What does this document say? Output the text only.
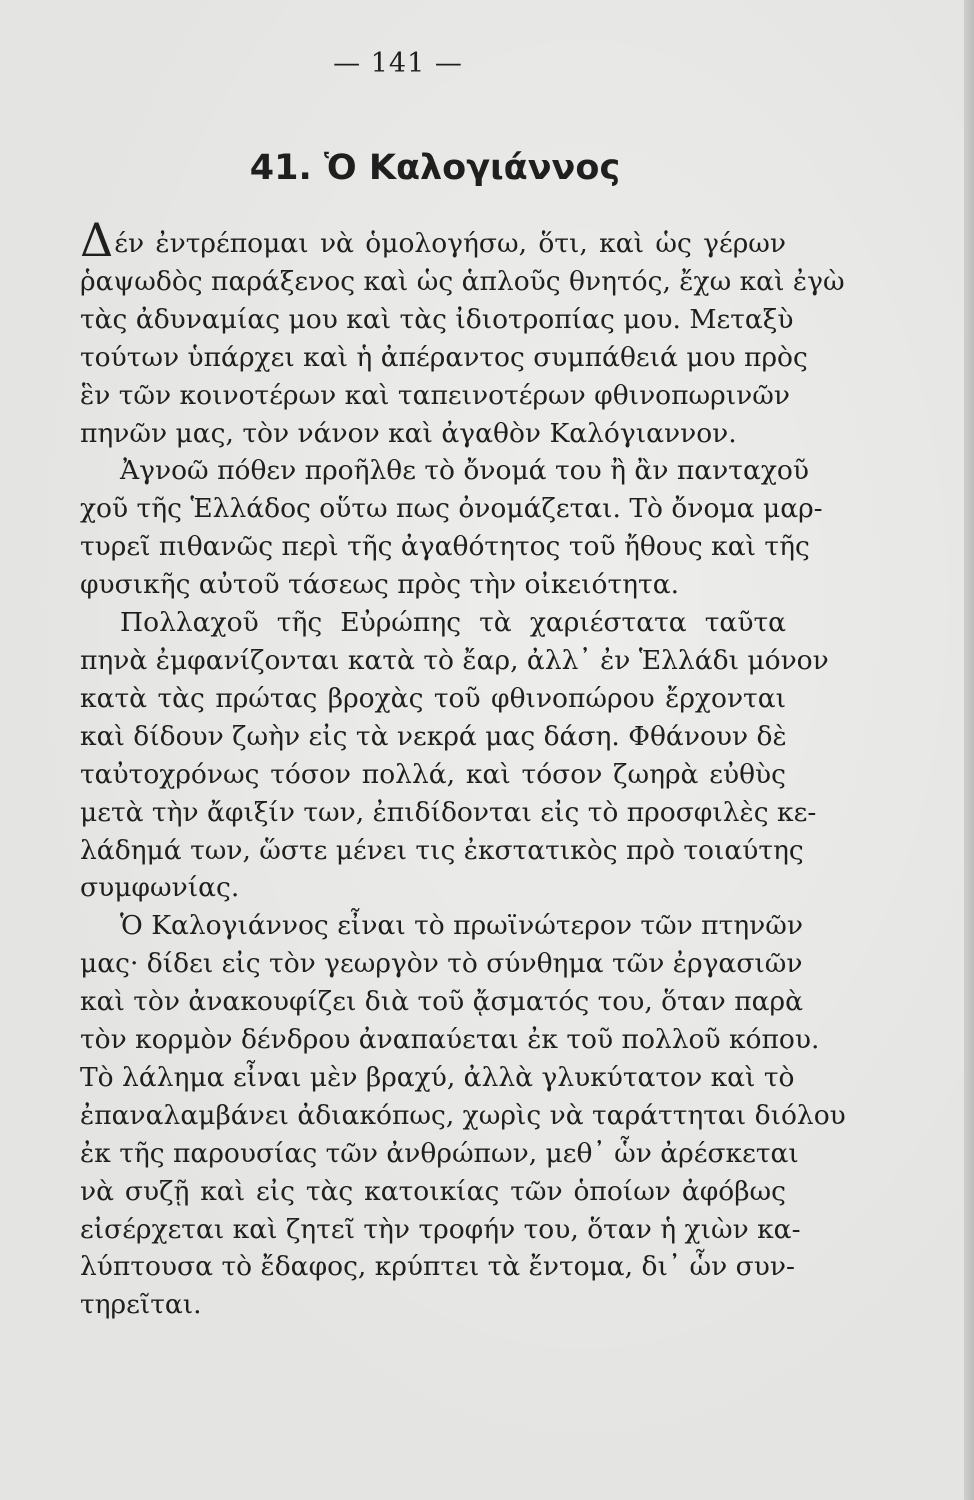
— 141 —
41. Ὁ Καλογιάννος

Δέν ἐντρέπομαι νὰ ὁμολογήσω, ὅτι, καὶ ὡς γέρων
ῥαψωδὸς παράξενος καὶ ὡς ἁπλοῦς θνητός, ἔχω καὶ ἐγὼ
τὰς ἀδυναμίας μου καὶ τὰς ἰδιοτροπίας μου. Μεταξὺ
τούτων ὑπάρχει καὶ ἡ ἀπέραντος συμπάθειά μου πρὸς
ἓν τῶν κοινοτέρων καὶ ταπεινοτέρων φθινοπωρινῶν
πηνῶν μας, τὸν νάνον καὶ ἀγαθὸν Καλόγιαννον.

Ἀγνοῶ πόθεν προῆλθε τὸ ὄνομά του ἢ ἂν πανταχοῦ
χοῦ τῆς Ἑλλάδος οὕτω πως ὀνομάζεται. Τὸ ὄνομα μαρ-
τυρεῖ πιθανῶς περὶ τῆς ἀγαθότητος τοῦ ἤθους καὶ τῆς
φυσικῆς αὐτοῦ τάσεως πρὸς τὴν οἰκειότητα.

Πολλαχοῦ τῆς Εὐρώπης τὰ χαριέστατα ταῦτα
πηνὰ ἐμφανίζονται κατὰ τὸ ἔαρ, ἀλλ᾽ ἐν Ἑλλάδι μόνον
κατὰ τὰς πρώτας βροχὰς τοῦ φθινοπώρου ἔρχονται
καὶ δίδουν ζωὴν εἰς τὰ νεκρά μας δάση. Φθάνουν δὲ
ταὐτοχρόνως τόσον πολλά, καὶ τόσον ζωηρὰ εὐθὺς
μετὰ τὴν ἄφιξίν των, ἐπιδίδονται εἰς τὸ προσφιλὲς κε-
λάδημά των, ὥστε μένει τις ἐκστατικὸς πρὸ τοιαύτης
συμφωνίας.

Ὁ Καλογιάννος εἶναι τὸ πρωϊνώτερον τῶν πτηνῶν
μας· δίδει εἰς τὸν γεωργὸν τὸ σύνθημα τῶν ἐργασιῶν
καὶ τὸν ἀνακουφίζει διὰ τοῦ ᾄσματός του, ὅταν παρὰ
τὸν κορμὸν δένδρου ἀναπαύεται ἐκ τοῦ πολλοῦ κόπου.
Τὸ λάλημα εἶναι μὲν βραχύ, ἀλλὰ γλυκύτατον καὶ τὸ
ἐπαναλαμβάνει ἀδιακόπως, χωρὶς νὰ ταράττηται διόλου
ἐκ τῆς παρουσίας τῶν ἀνθρώπων, μεθ᾽ ὧν ἀρέσκεται
νὰ συζῇ καὶ εἰς τὰς κατοικίας τῶν ὁποίων ἀφόβως
εἰσέρχεται καὶ ζητεῖ τὴν τροφήν του, ὅταν ἡ χιὼν κα-
λύπτουσα τὸ ἔδαφος, κρύπτει τὰ ἔντομα, δι᾽ ὧν συν-
τηρεῖται.
